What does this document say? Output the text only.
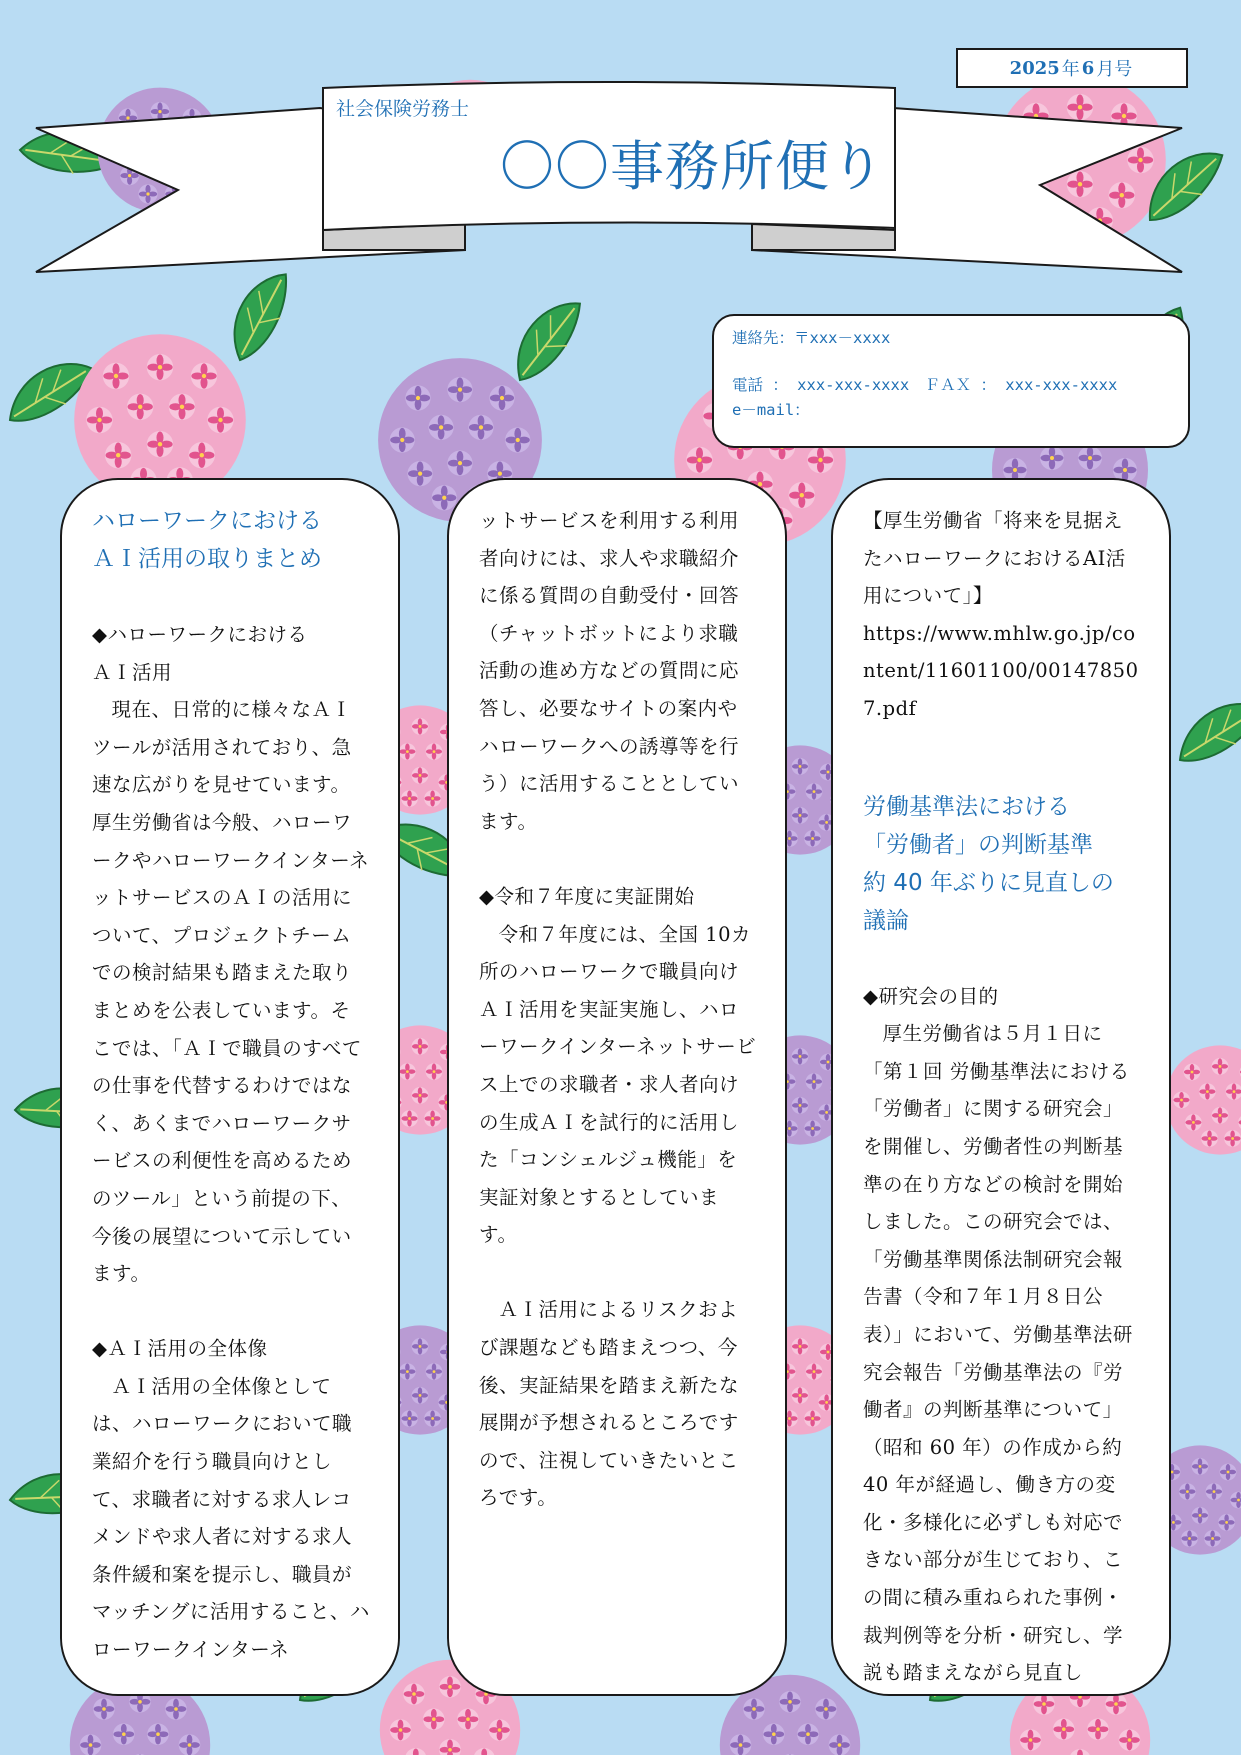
2025 年 6 月号
社会保険労務士
〇〇事務所便り
連絡先：〒xxx－xxxx
電話 ： xxx-xxx-xxxx　ＦＡＸ ： xxx-xxx-xxxx
e－mail：
ハローワークにおける
ＡＩ活用の取りまとめ
◆ハローワークにおける
ＡＩ活用
現在、日常的に様々なＡＩツールが活用されており、急速な広がりを見せています。厚生労働省は今般、ハローワークやハローワークインターネットサービスのＡＩの活用について、プロジェクトチームでの検討結果も踏まえた取りまとめを公表しています。そこでは、「ＡＩで職員のすべての仕事を代替するわけではなく、あくまでハローワークサービスの利便性を高めるためのツール」という前提の下、今後の展望について示しています。
◆ＡＩ活用の全体像
ＡＩ活用の全体像としては、ハローワークにおいて職業紹介を行う職員向けとして、求職者に対する求人レコメンドや求人者に対する求人条件緩和案を提示し、職員がマッチングに活用すること、ハローワークインターネ
ットサービスを利用する利用者向けには、求人や求職紹介に係る質問の自動受付・回答（チャットボットにより求職活動の進め方などの質問に応答し、必要なサイトの案内やハローワークへの誘導等を行う）に活用することとしています。
◆令和７年度に実証開始
令和７年度には、全国 10カ所のハローワークで職員向けＡＩ活用を実証実施し、ハローワークインターネットサービス上での求職者・求人者向けの生成ＡＩを試行的に活用した「コンシェルジュ機能」を実証対象とするとしています。
ＡＩ活用によるリスクおよび課題なども踏まえつつ、今後、実証結果を踏まえ新たな展開が予想されるところですので、注視していきたいところです。
【厚生労働省「将来を見据えたハローワークにおけるAI活用について」】
https://www.mhlw.go.jp/content/11601100/001478507.pdf
労働基準法における
「労働者」の判断基準
約 40 年ぶりに見直しの
議論
◆研究会の目的
厚生労働省は５月１日に「第１回 労働基準法における「労働者」に関する研究会」を開催し、労働者性の判断基準の在り方などの検討を開始しました。この研究会では、「労働基準関係法制研究会報告書（令和７年１月８日公表）」において、労働基準法研究会報告「労働基準法の『労働者』の判断基準について」（昭和 60 年）の作成から約 40 年が経過し、働き方の変化・多様化に必ずしも対応できない部分が生じており、この間に積み重ねられた事例・裁判例等を分析・研究し、学説も踏まえながら見直し
